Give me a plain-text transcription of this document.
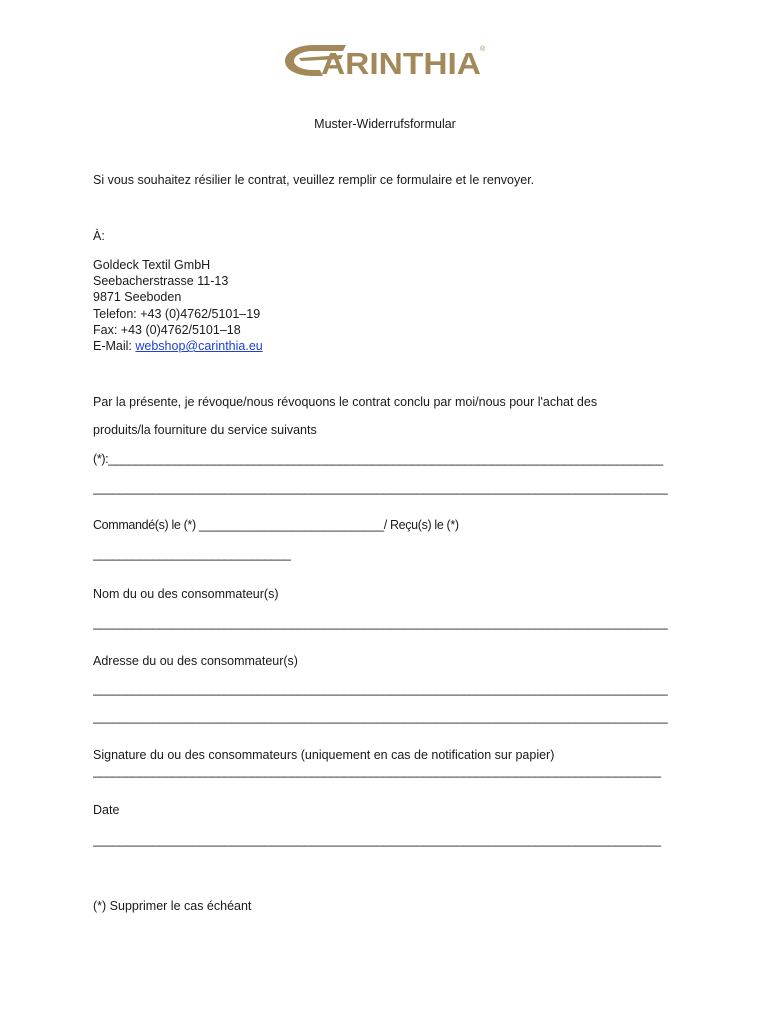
ARINTHIA ®
Muster-Widerrufsformular
Si vous souhaitez résilier le contrat, veuillez remplir ce formulaire et le renvoyer.
À:
Goldeck Textil GmbH
Seebacherstrasse 11-13
9871 Seeboden
Telefon: +43 (0)4762/5101–19
Fax: +43 (0)4762/5101–18
E-Mail: webshop@carinthia.eu
Par la présente, je révoque/nous révoquons le contrat conclu par moi/nous pour l'achat des
produits/la fourniture du service suivants
(*):____________________________________________________________________________________
_______________________________________________________________________________________
Commandé(s) le (*) ____________________________/ Reçu(s) le (*)
______________________________
Nom du ou des consommateur(s)
_______________________________________________________________________________________
Adresse du ou des consommateur(s)
_______________________________________________________________________________________
_______________________________________________________________________________________
Signature du ou des consommateurs (uniquement en cas de notification sur papier)
______________________________________________________________________________________
Date
______________________________________________________________________________________
(*) Supprimer le cas échéant
